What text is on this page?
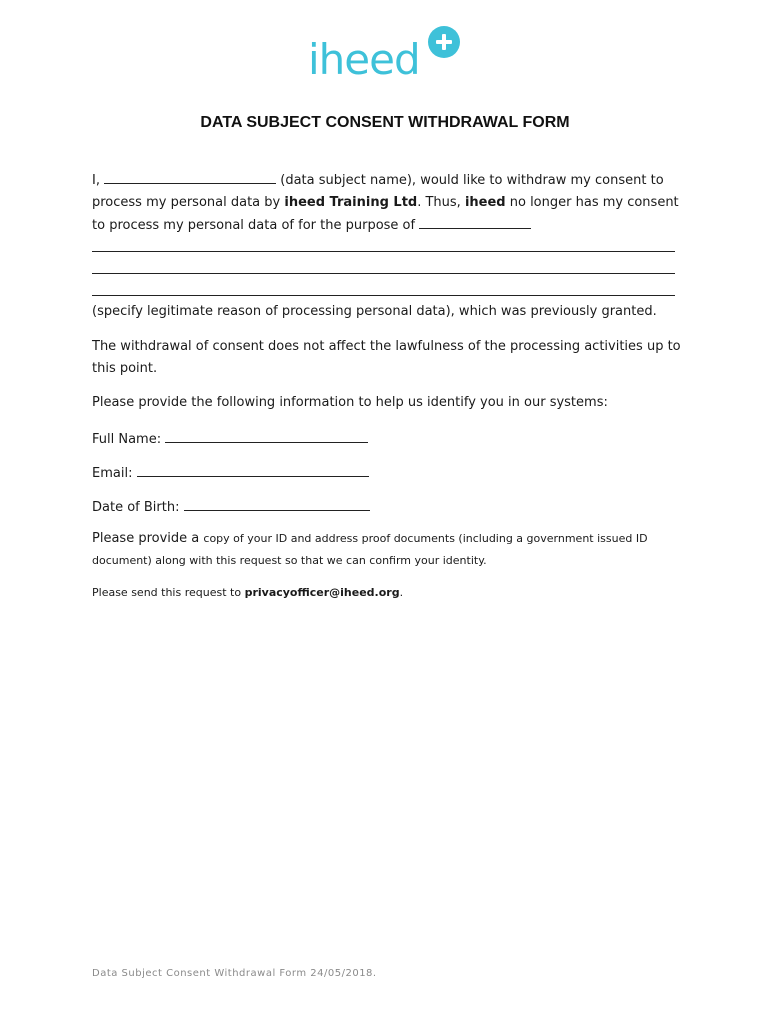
iheed
DATA SUBJECT CONSENT WITHDRAWAL FORM
I,	(data subject name), would like to withdraw my consent to process my personal data by iheed Training Ltd. Thus, iheed no longer has my consent to process my personal data of for the purpose of
(specify legitimate reason of processing personal data), which was previously granted.
The withdrawal of consent does not affect the lawfulness of the processing activities up to this point.
Please provide the following information to help us identify you in our systems:
Full Name:
Email:
Date of Birth:
Please provide a copy of your ID and address proof documents (including a government issued ID document) along with this request so that we can confirm your identity.
Please send this request to privacyofficer@iheed.org.
Data Subject Consent Withdrawal Form 24/05/2018.
